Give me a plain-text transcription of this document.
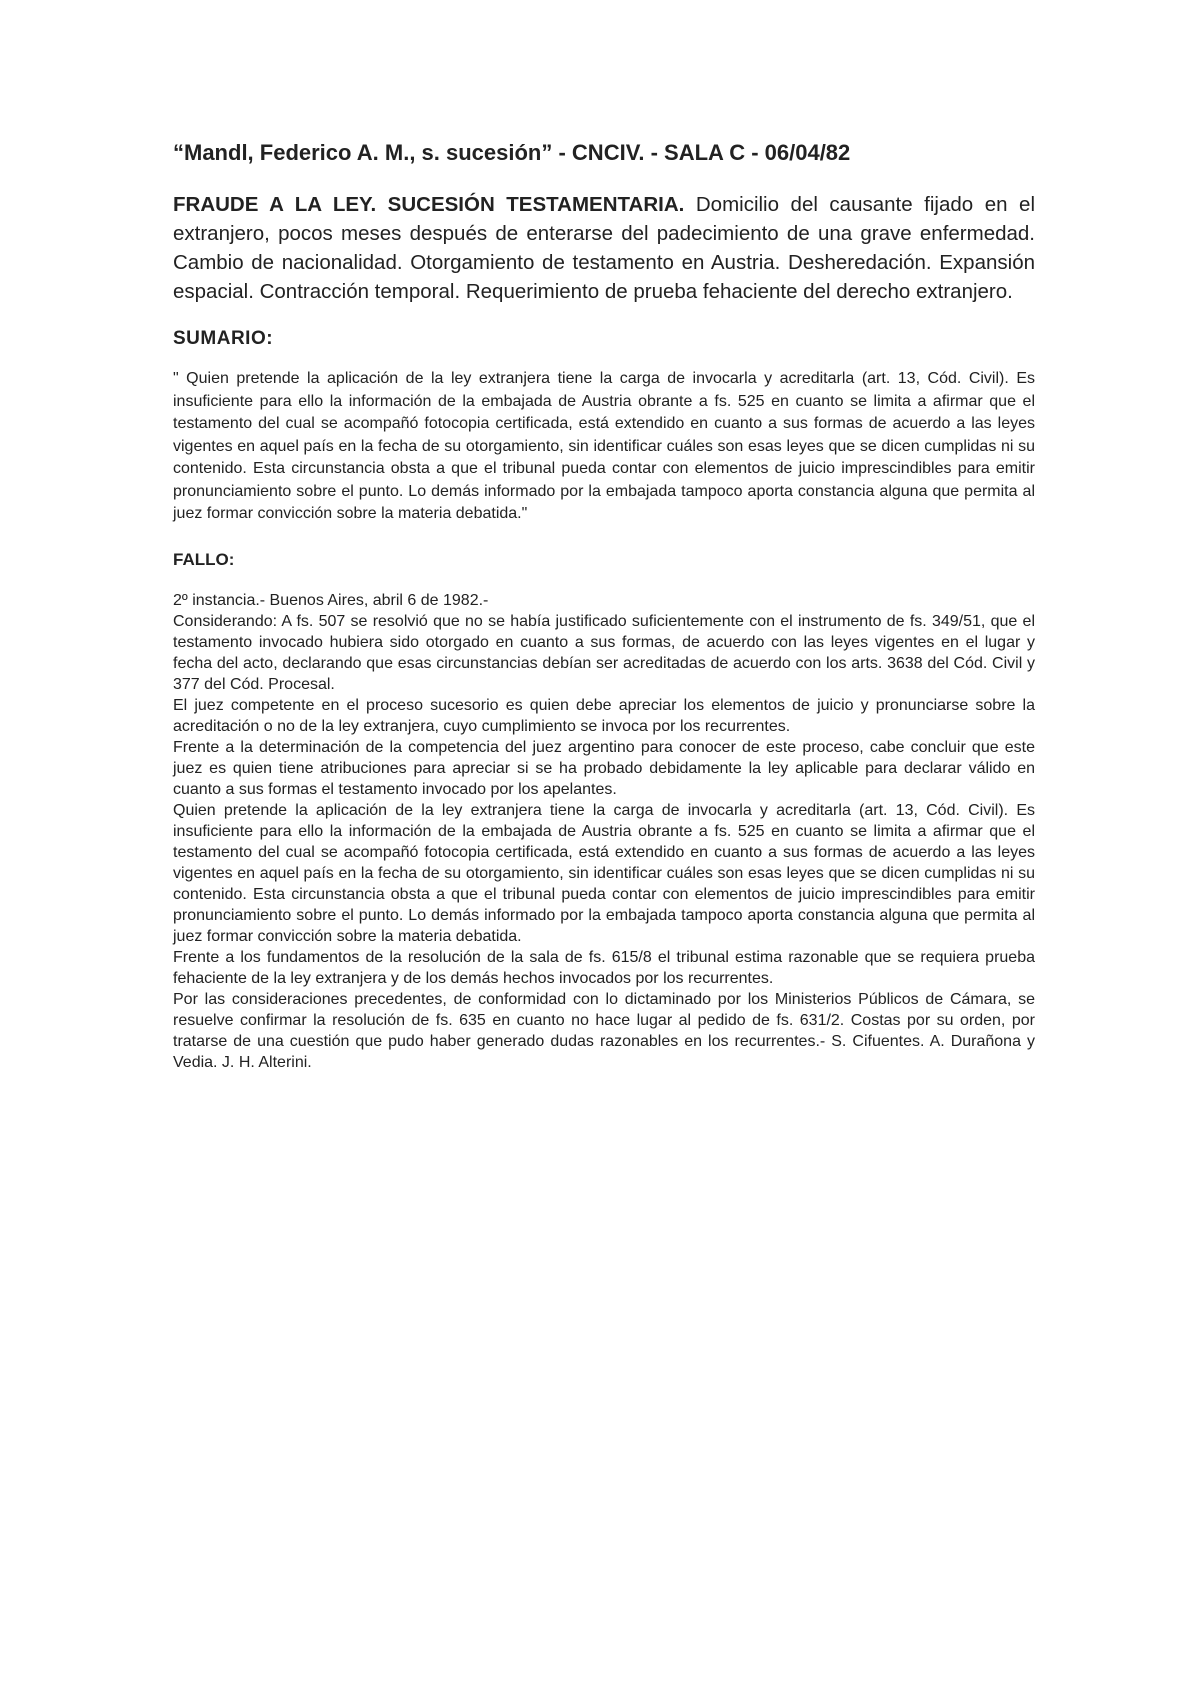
“Mandl, Federico A. M., s. sucesión” - CNCIV. - SALA C - 06/04/82
FRAUDE A LA LEY. SUCESIÓN TESTAMENTARIA. Domicilio del causante fijado en el extranjero, pocos meses después de enterarse del padecimiento de una grave enfermedad. Cambio de nacionalidad. Otorgamiento de testamento en Austria. Desheredación. Expansión espacial. Contracción temporal. Requerimiento de prueba fehaciente del derecho extranjero.
SUMARIO:
" Quien pretende la aplicación de la ley extranjera tiene la carga de invocarla y acreditarla (art. 13, Cód. Civil). Es insuficiente para ello la información de la embajada de Austria obrante a fs. 525 en cuanto se limita a afirmar que el testamento del cual se acompañó fotocopia certificada, está extendido en cuanto a sus formas de acuerdo a las leyes vigentes en aquel país en la fecha de su otorgamiento, sin identificar cuáles son esas leyes que se dicen cumplidas ni su contenido. Esta circunstancia obsta a que el tribunal pueda contar con elementos de juicio imprescindibles para emitir pronunciamiento sobre el punto. Lo demás informado por la embajada tampoco aporta constancia alguna que permita al juez formar convicción sobre la materia debatida."
FALLO:

2º instancia.- Buenos Aires, abril 6 de 1982.-

Considerando: A fs. 507 se resolvió que no se había justificado suficientemente con el instrumento de fs. 349/51, que el testamento invocado hubiera sido otorgado en cuanto a sus formas, de acuerdo con las leyes vigentes en el lugar y fecha del acto, declarando que esas circunstancias debían ser acreditadas de acuerdo con los arts. 3638 del Cód. Civil y 377 del Cód. Procesal.

El juez competente en el proceso sucesorio es quien debe apreciar los elementos de juicio y pronunciarse sobre la acreditación o no de la ley extranjera, cuyo cumplimiento se invoca por los recurrentes.

Frente a la determinación de la competencia del juez argentino para conocer de este proceso, cabe concluir que este juez es quien tiene atribuciones para apreciar si se ha probado debidamente la ley aplicable para declarar válido en cuanto a sus formas el testamento invocado por los apelantes.

Quien pretende la aplicación de la ley extranjera tiene la carga de invocarla y acreditarla (art. 13, Cód. Civil). Es insuficiente para ello la información de la embajada de Austria obrante a fs. 525 en cuanto se limita a afirmar que el testamento del cual se acompañó fotocopia certificada, está extendido en cuanto a sus formas de acuerdo a las leyes vigentes en aquel país en la fecha de su otorgamiento, sin identificar cuáles son esas leyes que se dicen cumplidas ni su contenido. Esta circunstancia obsta a que el tribunal pueda contar con elementos de juicio imprescindibles para emitir pronunciamiento sobre el punto. Lo demás informado por la embajada tampoco aporta constancia alguna que permita al juez formar convicción sobre la materia debatida.

Frente a los fundamentos de la resolución de la sala de fs. 615/8 el tribunal estima razonable que se requiera prueba fehaciente de la ley extranjera y de los demás hechos invocados por los recurrentes.

Por las consideraciones precedentes, de conformidad con lo dictaminado por los Ministerios Públicos de Cámara, se resuelve confirmar la resolución de fs. 635 en cuanto no hace lugar al pedido de fs. 631/2. Costas por su orden, por tratarse de una cuestión que pudo haber generado dudas razonables en los recurrentes.- S. Cifuentes. A. Durañona y Vedia. J. H. Alterini.
